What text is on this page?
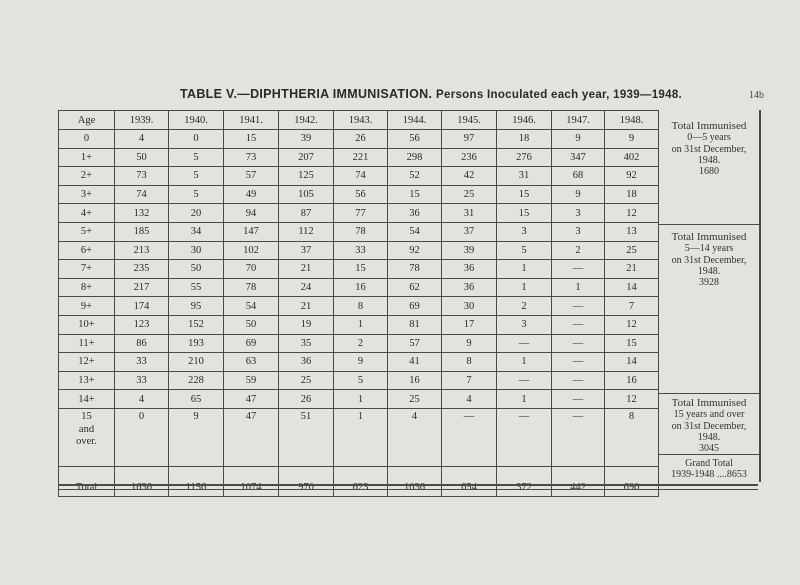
14b
TABLE V.—DIPHTHERIA IMMUNISATION. Persons Inoculated each year, 1939—1948.
Age	1939.	1940.	1941.	1942.	1943.	1944.	1945.	1946.	1947.	1948.
0	4	0	15	39	26	56	97	18	9	9
1+	50	5	73	207	221	298	236	276	347	402
2+	73	5	57	125	74	52	42	31	68	92
3+	74	5	49	105	56	15	25	15	9	18
4+	132	20	94	87	77	36	31	15	3	12
5+	185	34	147	112	78	54	37	3	3	13
6+	213	30	102	37	33	92	39	5	2	25
7+	235	50	70	21	15	78	36	1	—	21
8+	217	55	78	24	16	62	36	1	1	14
9+	174	95	54	21	8	69	30	2	—	7
10+	123	152	50	19	1	81	17	3	—	12
11+	86	193	69	35	2	57	9	—	—	15
12+	33	210	63	36	9	41	8	1	—	14
13+	33	228	59	25	5	16	7	—	—	16
14+	4	65	47	26	1	25	4	1	—	12
15
and
over.	0	9	47	51	1	4	—	—	—	8
Total	1636	1156	1074	970	623	1036	654	372	442	690
Total Immunised
0—5 years
on 31st December,
1948.
1680
Total Immunised
5—14 years
on 31st December,
1948.
3928
Total Immunised
15 years and over
on 31st December,
1948.
3045
Grand Total
1939-1948 ....8653
